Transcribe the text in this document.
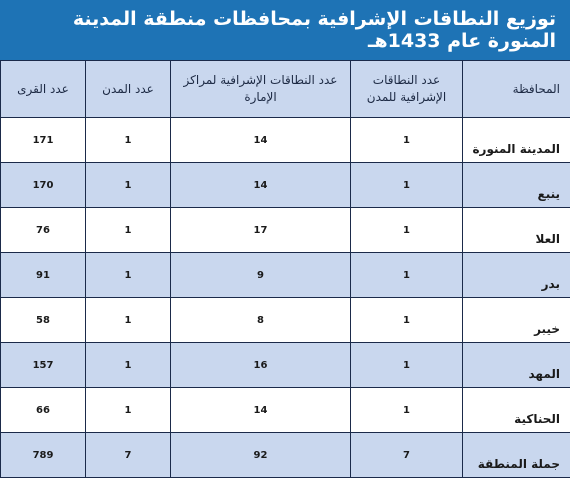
توزيع النطاقات الإشرافية بمحافظات منطقة المدينة المنورة عام 1433هـ
المحافظة	عدد النطاقات الإشرافية للمدن	عدد النطاقات الإشرافية لمراكز الإمارة	عدد المدن	عدد القرى
المدينة المنورة	1	14	1	171
ينبع	1	14	1	170
العلا	1	17	1	76
بدر	1	9	1	91
خيبر	1	8	1	58
المهد	1	16	1	157
الحناكية	1	14	1	66
جملة المنطقة	7	92	7	789
